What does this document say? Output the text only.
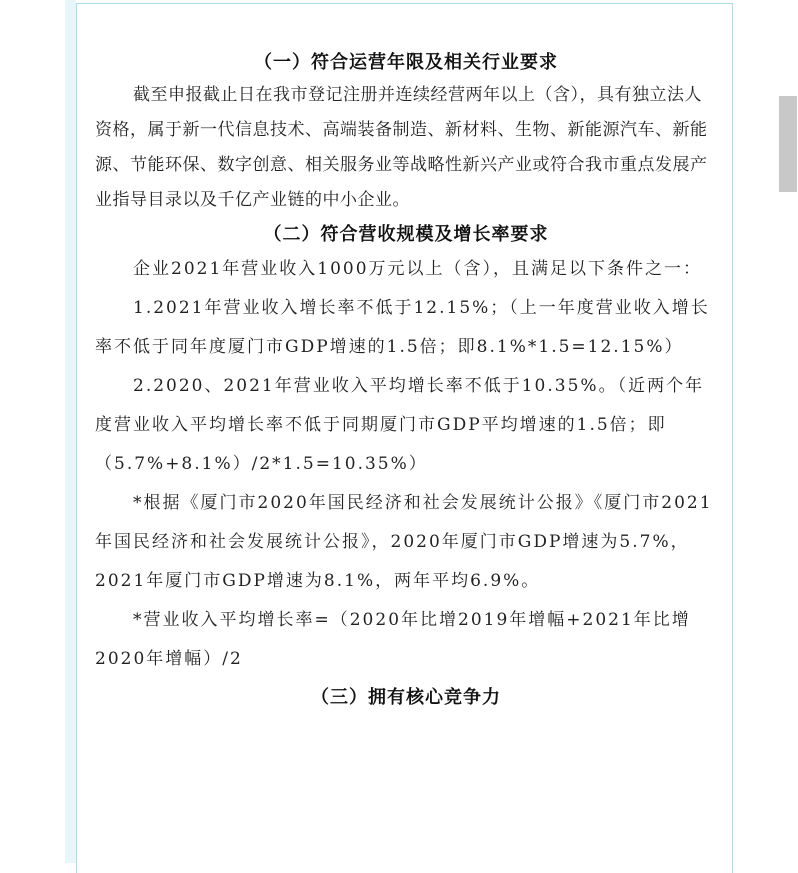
（一）符合运营年限及相关行业要求

截至申报截止日在我市登记注册并连续经营两年以上（含），具有独立法人资格，属于新一代信息技术、高端装备制造、新材料、生物、新能源汽车、新能源、节能环保、数字创意、相关服务业等战略性新兴产业或符合我市重点发展产业指导目录以及千亿产业链的中小企业。

（二）符合营收规模及增长率要求

企业2021年营业收入1000万元以上（含），且满足以下条件之一：

1.2021年营业收入增长率不低于12.15%；（上一年度营业收入增长率不低于同年度厦门市GDP增速的1.5倍；即8.1%*1.5=12.15%）

2.2020、2021年营业收入平均增长率不低于10.35%。（近两个年度营业收入平均增长率不低于同期厦门市GDP平均增速的1.5倍；即（5.7%+8.1%）/2*1.5=10.35%）

*根据《厦门市2020年国民经济和社会发展统计公报》《厦门市2021年国民经济和社会发展统计公报》，2020年厦门市GDP增速为5.7%，2021年厦门市GDP增速为8.1%，两年平均6.9%。

*营业收入平均增长率=（2020年比增2019年增幅+2021年比增2020年增幅）/2

（三）拥有核心竞争力
